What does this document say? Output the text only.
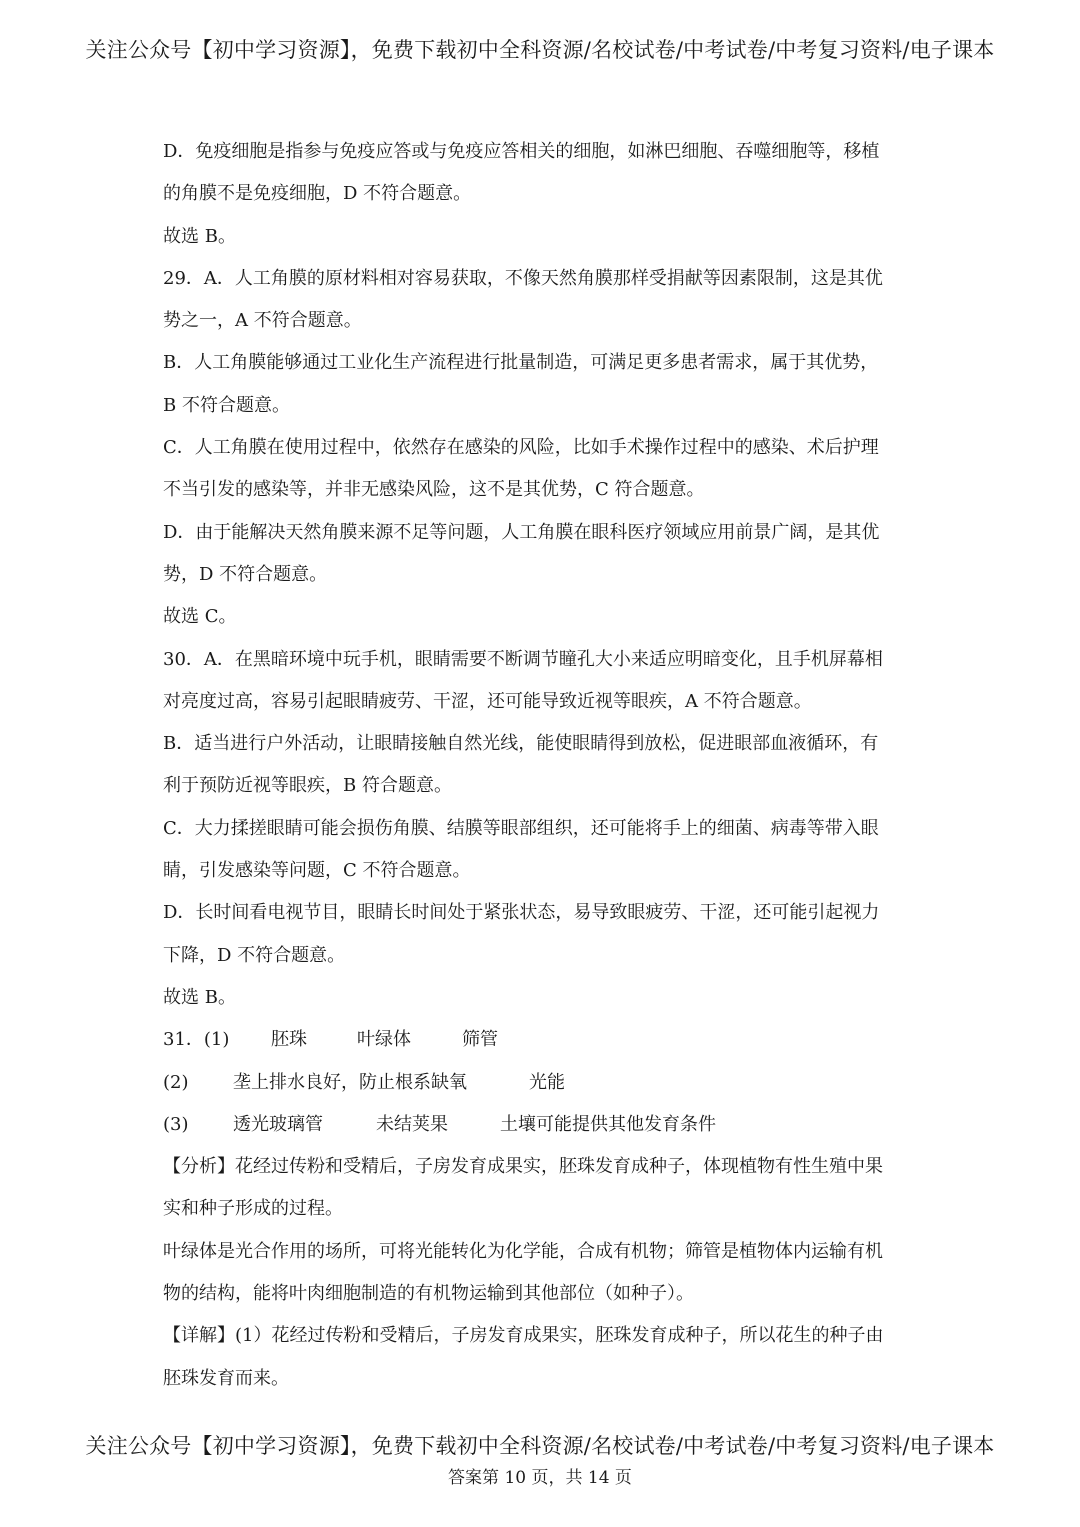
关注公众号【初中学习资源】，免费下载初中全科资源/名校试卷/中考试卷/中考复习资料/电子课本
D．免疫细胞是指参与免疫应答或与免疫应答相关的细胞，如淋巴细胞、吞噬细胞等，移植
的角膜不是免疫细胞，D 不符合题意。
故选 B。
29．A．人工角膜的原材料相对容易获取，不像天然角膜那样受捐献等因素限制，这是其优
势之一，A 不符合题意。
B．人工角膜能够通过工业化生产流程进行批量制造，可满足更多患者需求，属于其优势，
B 不符合题意。
C．人工角膜在使用过程中，依然存在感染的风险，比如手术操作过程中的感染、术后护理
不当引发的感染等，并非无感染风险，这不是其优势，C 符合题意。
D．由于能解决天然角膜来源不足等问题，人工角膜在眼科医疗领域应用前景广阔，是其优
势，D 不符合题意。
故选 C。
30．A．在黑暗环境中玩手机，眼睛需要不断调节瞳孔大小来适应明暗变化，且手机屏幕相
对亮度过高，容易引起眼睛疲劳、干涩，还可能导致近视等眼疾，A 不符合题意。
B．适当进行户外活动，让眼睛接触自然光线，能使眼睛得到放松，促进眼部血液循环，有
利于预防近视等眼疾，B 符合题意。
C．大力揉搓眼睛可能会损伤角膜、结膜等眼部组织，还可能将手上的细菌、病毒等带入眼
睛，引发感染等问题，C 不符合题意。
D．长时间看电视节目，眼睛长时间处于紧张状态，易导致眼疲劳、干涩，还可能引起视力
下降，D 不符合题意。
故选 B。
31．(1) 胚珠	叶绿体	筛管
(2) 垄上排水良好，防止根系缺氧	光能
(3) 透光玻璃管	未结荚果	土壤可能提供其他发育条件
【分析】花经过传粉和受精后，子房发育成果实，胚珠发育成种子，体现植物有性生殖中果
实和种子形成的过程。
叶绿体是光合作用的场所，可将光能转化为化学能，合成有机物；筛管是植物体内运输有机
物的结构，能将叶肉细胞制造的有机物运输到其他部位（如种子）。
【详解】(1）花经过传粉和受精后，子房发育成果实，胚珠发育成种子，所以花生的种子由
胚珠发育而来。
关注公众号【初中学习资源】，免费下载初中全科资源/名校试卷/中考试卷/中考复习资料/电子课本
答案第 10 页，共 14 页
